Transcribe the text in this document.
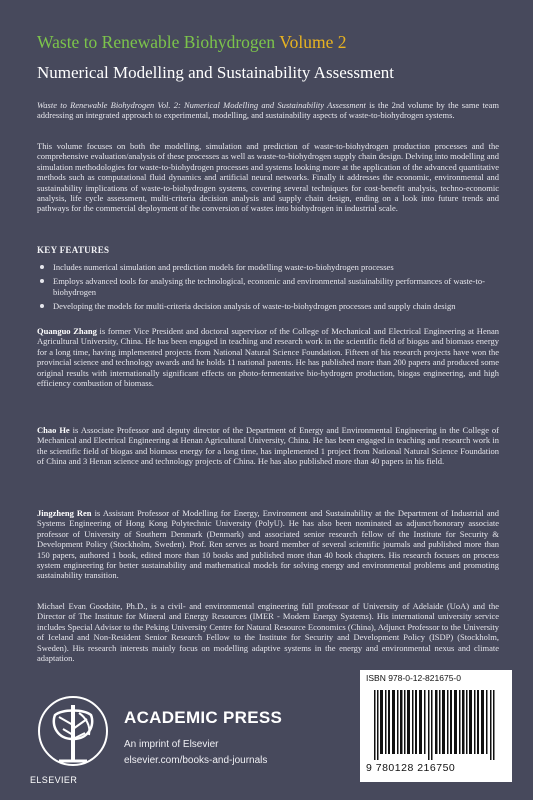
Waste to Renewable Biohydrogen Volume 2
Numerical Modelling and Sustainability Assessment
Waste to Renewable Biohydrogen Vol. 2: Numerical Modelling and Sustainability Assessment is the 2nd volume by the same team addressing an integrated approach to experimental, modelling, and sustainability aspects of waste-to-biohydrogen systems.
This volume focuses on both the modelling, simulation and prediction of waste-to-biohydrogen production processes and the comprehensive evaluation/analysis of these processes as well as waste-to-biohydrogen supply chain design. Delving into modelling and simulation methodologies for waste-to-biohydrogen processes and systems looking more at the application of the advanced quantitative methods such as computational fluid dynamics and artificial neural networks. Finally it addresses the economic, environmental and sustainability implications of waste-to-biohydrogen systems, covering several techniques for cost-benefit analysis, techno-economic analysis, life cycle assessment, multi-criteria decision analysis and supply chain design, ending on a look into future trends and pathways for the commercial deployment of the conversion of wastes into biohydrogen in industrial scale.
KEY FEATURES
Includes numerical simulation and prediction models for modelling waste-to-biohydrogen processes
Employs advanced tools for analysing the technological, economic and environmental sustainability performances of waste-to-biohydrogen
Developing the models for multi-criteria decision analysis of waste-to-biohydrogen processes and supply chain design
Quanguo Zhang is former Vice President and doctoral supervisor of the College of Mechanical and Electrical Engineering at Henan Agricultural University, China. He has been engaged in teaching and research work in the scientific field of biogas and biomass energy for a long time, having implemented projects from National Natural Science Foundation. Fifteen of his research projects have won the provincial science and technology awards and he holds 11 national patents. He has published more than 200 papers and produced some original results with internationally significant effects on photo-fermentative bio-hydrogen production, biogas engineering, and high efficiency combustion of biomass.
Chao He is Associate Professor and deputy director of the Department of Energy and Environmental Engineering in the College of Mechanical and Electrical Engineering at Henan Agricultural University, China. He has been engaged in teaching and research work in the scientific field of biogas and biomass energy for a long time, has implemented 1 project from National Natural Science Foundation of China and 3 Henan science and technology projects of China. He has also published more than 40 papers in his field.
Jingzheng Ren is Assistant Professor of Modelling for Energy, Environment and Sustainability at the Department of Industrial and Systems Engineering of Hong Kong Polytechnic University (PolyU). He has also been nominated as adjunct/honorary associate professor of University of Southern Denmark (Denmark) and associated senior research fellow of the Institute for Security & Development Policy (Stockholm, Sweden). Prof. Ren serves as board member of several scientific journals and published more than 150 papers, authored 1 book, edited more than 10 books and published more than 40 book chapters. His research focuses on process system engineering for better sustainability and mathematical models for solving energy and environmental problems and promoting sustainability transition.
Michael Evan Goodsite, Ph.D., is a civil- and environmental engineering full professor of University of Adelaide (UoA) and the Director of The Institute for Mineral and Energy Resources (IMER - Modern Energy Systems). His international university service includes Special Advisor to the Peking University Centre for Natural Resource Economics (China), Adjunct Professor to the University of Iceland and Non-Resident Senior Research Fellow to the Institute for Security and Development Policy (ISDP) (Stockholm, Sweden). His research interests mainly focus on modelling adaptive systems in the energy and environmental nexus and climate adaptation.
ELSEVIER
ACADEMIC PRESS
An imprint of Elsevier
elsevier.com/books-and-journals
ISBN 978-0-12-821675-0
9 780128 216750
